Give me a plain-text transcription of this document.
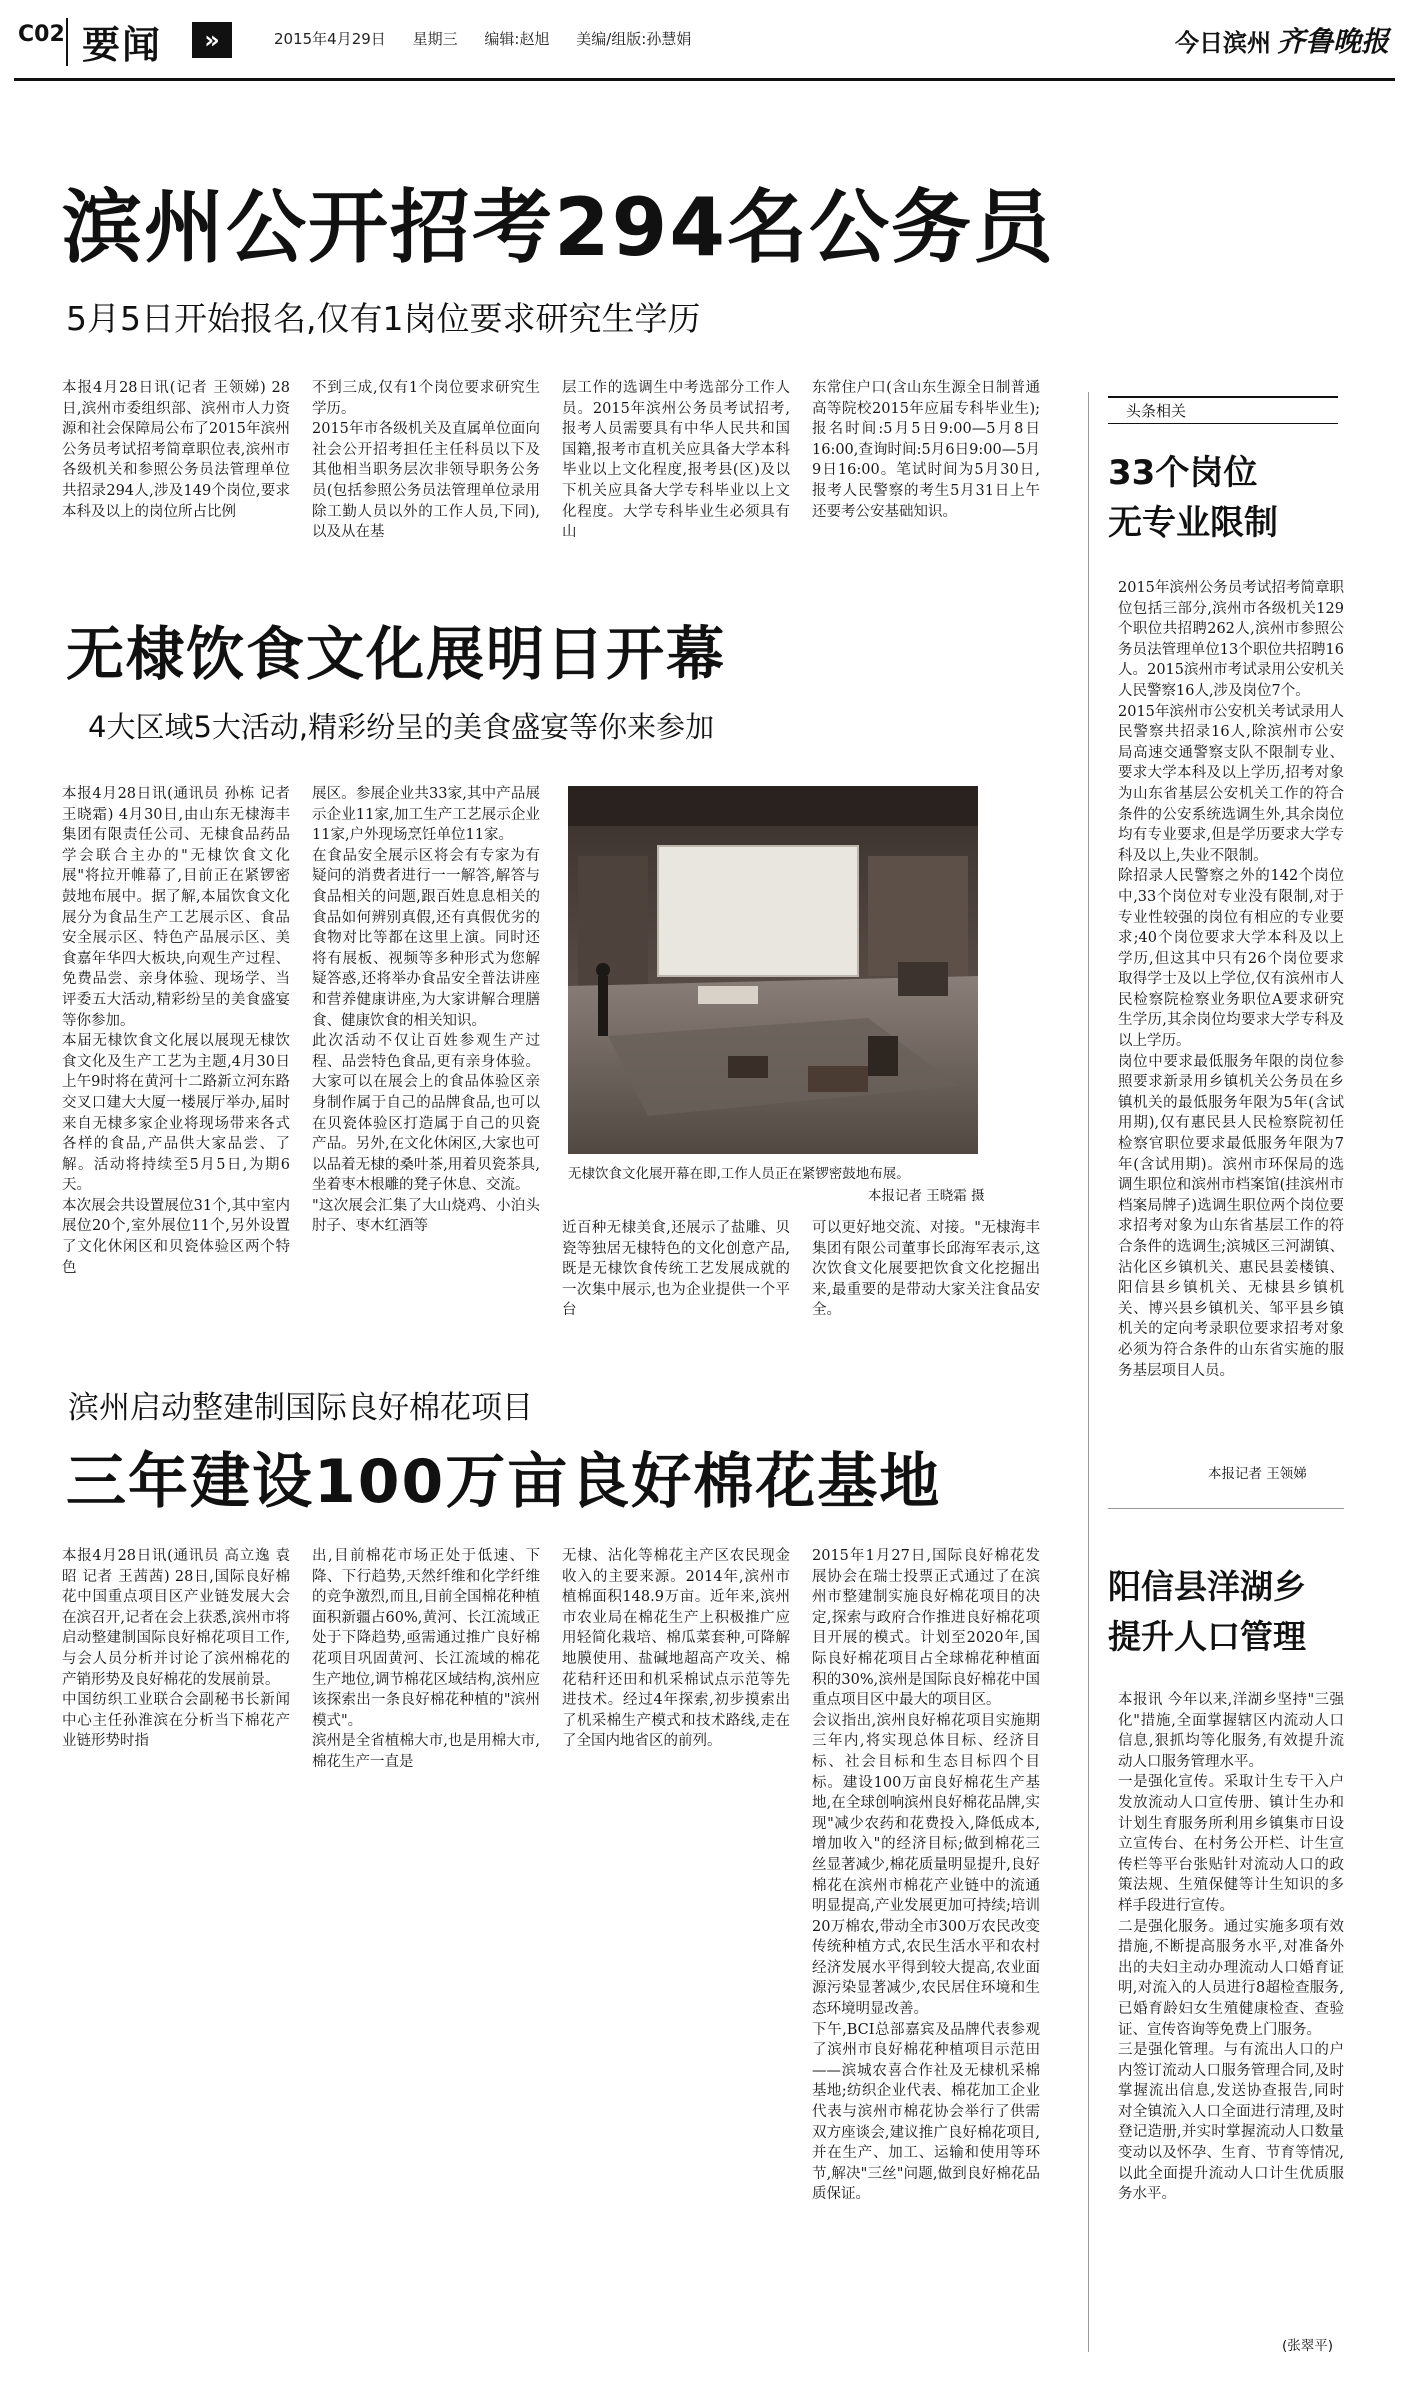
C02 要闻	»	2015年4月29日 星期三 编辑:赵旭 美编/组版:孙慧娟	今日滨州 齐鲁晚报
滨州公开招考294名公务员
5月5日开始报名,仅有1岗位要求研究生学历
本报4月28日讯(记者 王领娣) 28日,滨州市委组织部、滨州市人力资源和社会保障局公布了2015年滨州公务员考试招考简章职位表,滨州市各级机关和参照公务员法管理单位共招录294人,涉及149个岗位,要求本科及以上的岗位所占比例
不到三成,仅有1个岗位要求研究生学历。
2015年市各级机关及直属单位面向社会公开招考担任主任科员以下及其他相当职务层次非领导职务公务员(包括参照公务员法管理单位录用除工勤人员以外的工作人员,下同),以及从在基
层工作的选调生中考选部分工作人员。2015年滨州公务员考试招考,报考人员需要具有中华人民共和国国籍,报考市直机关应具备大学本科毕业以上文化程度,报考县(区)及以下机关应具备大学专科毕业以上文化程度。大学专科毕业生必须具有山
东常住户口(含山东生源全日制普通高等院校2015年应届专科毕业生);报名时间:5月5日9:00—5月8日16:00,查询时间:5月6日9:00—5月9日16:00。笔试时间为5月30日,报考人民警察的考生5月31日上午还要考公安基础知识。
无棣饮食文化展明日开幕
4大区域5大活动,精彩纷呈的美食盛宴等你来参加
本报4月28日讯(通讯员 孙栋 记者 王晓霜) 4月30日,由山东无棣海丰集团有限责任公司、无棣食品药品学会联合主办的"无棣饮食文化展"将拉开帷幕了,目前正在紧锣密鼓地布展中。据了解,本届饮食文化展分为食品生产工艺展示区、食品安全展示区、特色产品展示区、美食嘉年华四大板块,向观生产过程、免费品尝、亲身体验、现场学、当评委五大活动,精彩纷呈的美食盛宴等你参加。
本届无棣饮食文化展以展现无棣饮食文化及生产工艺为主题,4月30日上午9时将在黄河十二路新立河东路交叉口建大大厦一楼展厅举办,届时来自无棣多家企业将现场带来各式各样的食品,产品供大家品尝、了解。活动将持续至5月5日,为期6天。
本次展会共设置展位31个,其中室内展位20个,室外展位11个,另外设置了文化休闲区和贝瓷体验区两个特色
展区。参展企业共33家,其中产品展示企业11家,加工生产工艺展示企业11家,户外现场烹饪单位11家。
在食品安全展示区将会有专家为有疑问的消费者进行一一解答,解答与食品相关的问题,跟百姓息息相关的食品如何辨别真假,还有真假优劣的食物对比等都在这里上演。同时还将有展板、视频等多种形式为您解疑答惑,还将举办食品安全普法讲座和营养健康讲座,为大家讲解合理膳食、健康饮食的相关知识。
此次活动不仅让百姓参观生产过程、品尝特色食品,更有亲身体验。大家可以在展会上的食品体验区亲身制作属于自己的品牌食品,也可以在贝瓷体验区打造属于自己的贝瓷产品。另外,在文化休闲区,大家也可以品着无棣的桑叶茶,用着贝瓷茶具,坐着枣木根雕的凳子休息、交流。
"这次展会汇集了大山烧鸡、小泊头肘子、枣木红酒等
无棣饮食文化展开幕在即,工作人员正在紧锣密鼓地布展。
本报记者 王晓霜 摄
近百种无棣美食,还展示了盐雕、贝瓷等独居无棣特色的文化创意产品,既是无棣饮食传统工艺发展成就的一次集中展示,也为企业提供一个平台
可以更好地交流、对接。"无棣海丰集团有限公司董事长邱海军表示,这次饮食文化展要把饮食文化挖掘出来,最重要的是带动大家关注食品安全。
滨州启动整建制国际良好棉花项目
三年建设100万亩良好棉花基地
本报4月28日讯(通讯员 高立逸 袁昭 记者 王茜茜) 28日,国际良好棉花中国重点项目区产业链发展大会在滨召开,记者在会上获悉,滨州市将启动整建制国际良好棉花项目工作,与会人员分析并讨论了滨州棉花的产销形势及良好棉花的发展前景。
中国纺织工业联合会副秘书长新闻中心主任孙淮滨在分析当下棉花产业链形势时指
出,目前棉花市场正处于低速、下降、下行趋势,天然纤维和化学纤维的竞争激烈,而且,目前全国棉花种植面积新疆占60%,黄河、长江流域正处于下降趋势,亟需通过推广良好棉花项目巩固黄河、长江流域的棉花生产地位,调节棉花区域结构,滨州应该探索出一条良好棉花种植的"滨州模式"。
滨州是全省植棉大市,也是用棉大市,棉花生产一直是
无棣、沾化等棉花主产区农民现金收入的主要来源。2014年,滨州市植棉面积148.9万亩。近年来,滨州市农业局在棉花生产上积极推广应用轻简化栽培、棉瓜菜套种,可降解地膜使用、盐碱地超高产攻关、棉花秸秆还田和机采棉试点示范等先进技术。经过4年探索,初步摸索出了机采棉生产模式和技术路线,走在了全国内地省区的前列。
2015年1月27日,国际良好棉花发展协会在瑞士投票正式通过了在滨州市整建制实施良好棉花项目的决定,探索与政府合作推进良好棉花项目开展的模式。计划至2020年,国际良好棉花项目占全球棉花种植面积的30%,滨州是国际良好棉花中国重点项目区中最大的项目区。
会议指出,滨州良好棉花项目实施期三年内,将实现总体目标、经济目标、社会目标和生态目标四个目标。建设100万亩良好棉花生产基地,在全球创响滨州良好棉花品牌,实现"减少农药和花费投入,降低成本,增加收入"的经济目标;做到棉花三丝显著减少,棉花质量明显提升,良好棉花在滨州市棉花产业链中的流通明显提高,产业发展更加可持续;培训20万棉农,带动全市300万农民改变传统种植方式,农民生活水平和农村经济发展水平得到较大提高,农业面源污染显著减少,农民居住环境和生态环境明显改善。
下午,BCI总部嘉宾及品牌代表参观了滨州市良好棉花种植项目示范田——滨城农喜合作社及无棣机采棉基地;纺织企业代表、棉花加工企业代表与滨州市棉花协会举行了供需双方座谈会,建议推广良好棉花项目,并在生产、加工、运输和使用等环节,解决"三丝"问题,做到良好棉花品质保证。
头条相关
33个岗位
无专业限制
2015年滨州公务员考试招考简章职位包括三部分,滨州市各级机关129个职位共招聘262人,滨州市参照公务员法管理单位13个职位共招聘16人。2015滨州市考试录用公安机关人民警察16人,涉及岗位7个。
2015年滨州市公安机关考试录用人民警察共招录16人,除滨州市公安局高速交通警察支队不限制专业、要求大学本科及以上学历,招考对象为山东省基层公安机关工作的符合条件的公安系统选调生外,其余岗位均有专业要求,但是学历要求大学专科及以上,失业不限制。
除招录人民警察之外的142个岗位中,33个岗位对专业没有限制,对于专业性较强的岗位有相应的专业要求;40个岗位要求大学本科及以上学历,但这其中只有26个岗位要求取得学士及以上学位,仅有滨州市人民检察院检察业务职位A要求研究生学历,其余岗位均要求大学专科及以上学历。
岗位中要求最低服务年限的岗位参照要求新录用乡镇机关公务员在乡镇机关的最低服务年限为5年(含试用期),仅有惠民县人民检察院初任检察官职位要求最低服务年限为7年(含试用期)。滨州市环保局的选调生职位和滨州市档案馆(挂滨州市档案局牌子)选调生职位两个岗位要求招考对象为山东省基层工作的符合条件的选调生;滨城区三河湖镇、沾化区乡镇机关、惠民县姜楼镇、阳信县乡镇机关、无棣县乡镇机关、博兴县乡镇机关、邹平县乡镇机关的定向考录职位要求招考对象必须为符合条件的山东省实施的服务基层项目人员。
本报记者 王领娣
阳信县洋湖乡
提升人口管理
本报讯 今年以来,洋湖乡坚持"三强化"措施,全面掌握辖区内流动人口信息,狠抓均等化服务,有效提升流动人口服务管理水平。
一是强化宣传。采取计生专干入户发放流动人口宣传册、镇计生办和计划生育服务所利用乡镇集市日设立宣传台、在村务公开栏、计生宣传栏等平台张贴针对流动人口的政策法规、生殖保健等计生知识的多样手段进行宣传。
二是强化服务。通过实施多项有效措施,不断提高服务水平,对准备外出的夫妇主动办理流动人口婚育证明,对流入的人员进行8超检查服务,已婚育龄妇女生殖健康检查、查验证、宣传咨询等免费上门服务。
三是强化管理。与有流出人口的户内签订流动人口服务管理合同,及时掌握流出信息,发送协查报告,同时对全镇流入人口全面进行清理,及时登记造册,并实时掌握流动人口数量变动以及怀孕、生育、节育等情况,以此全面提升流动人口计生优质服务水平。
(张翠平)
